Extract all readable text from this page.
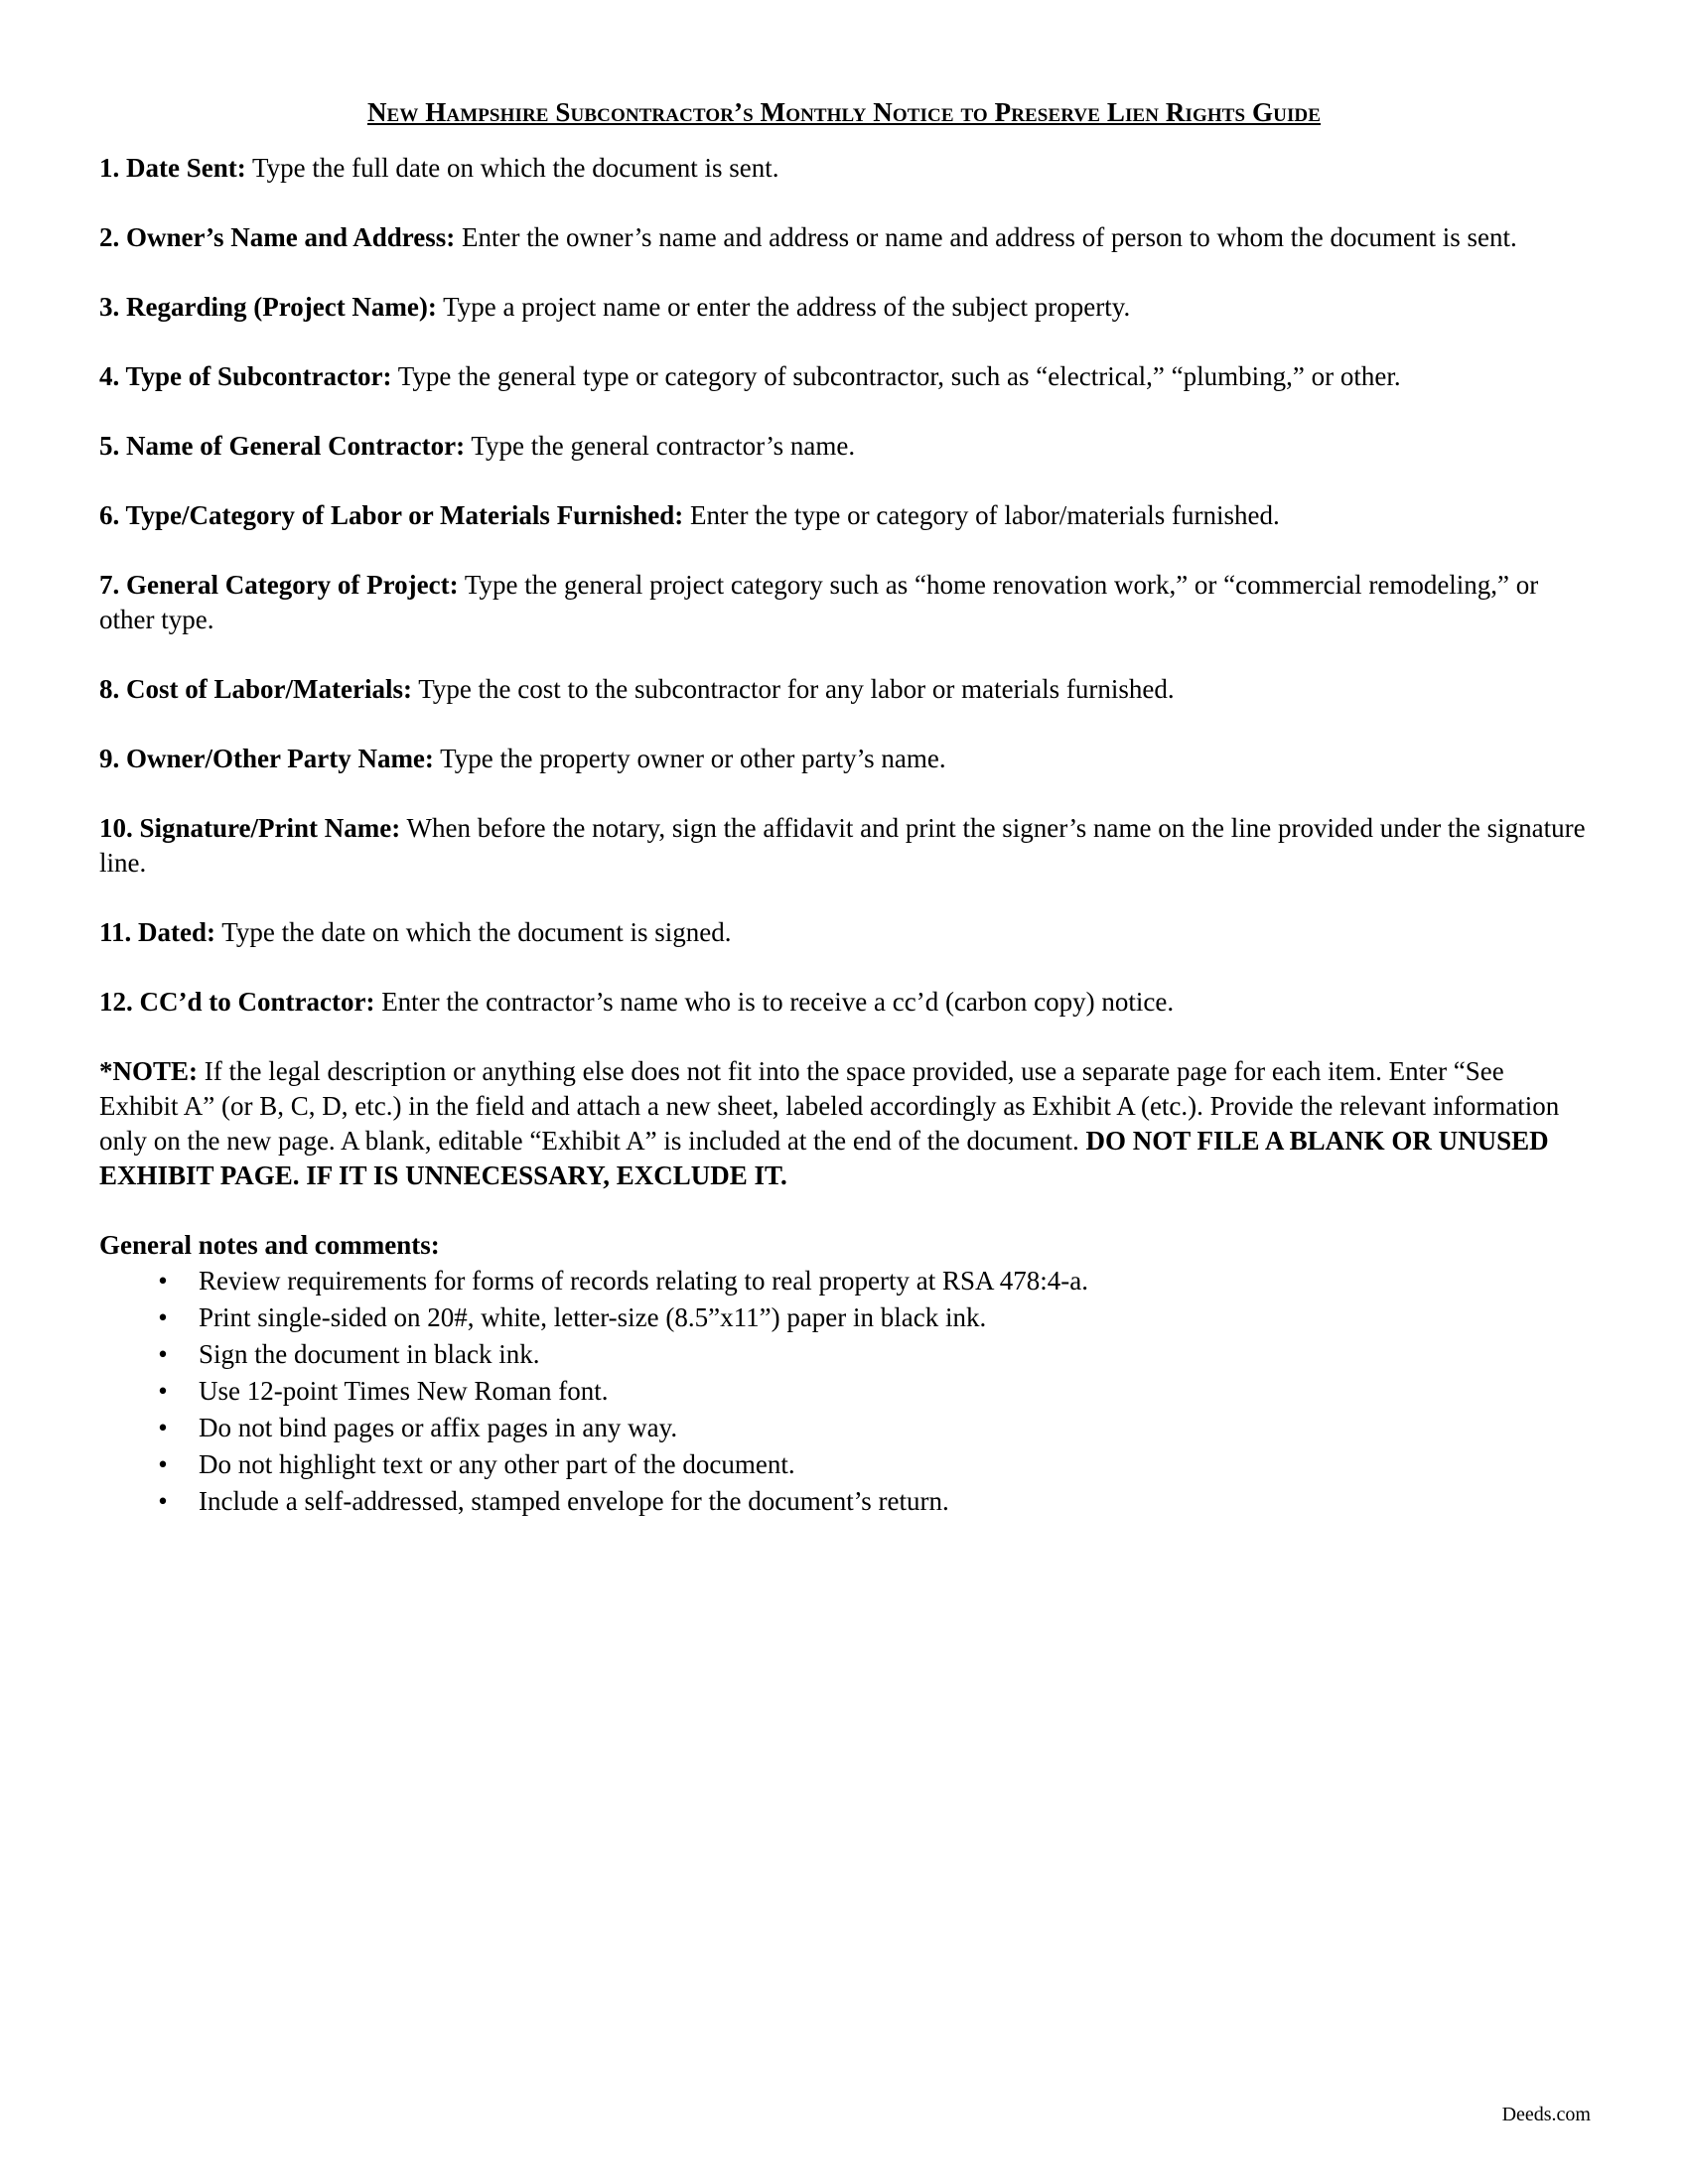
New Hampshire Subcontractor’s Monthly Notice to Preserve Lien Rights Guide

1. Date Sent: Type the full date on which the document is sent.

2. Owner’s Name and Address: Enter the owner’s name and address or name and address of person to whom the document is sent.

3. Regarding (Project Name): Type a project name or enter the address of the subject property.

4. Type of Subcontractor: Type the general type or category of subcontractor, such as “electrical,” “plumbing,” or other.

5. Name of General Contractor: Type the general contractor’s name.

6. Type/Category of Labor or Materials Furnished: Enter the type or category of labor/materials furnished.

7. General Category of Project: Type the general project category such as “home renovation work,” or “commercial remodeling,” or other type.

8. Cost of Labor/Materials: Type the cost to the subcontractor for any labor or materials furnished.

9. Owner/Other Party Name: Type the property owner or other party’s name.

10. Signature/Print Name: When before the notary, sign the affidavit and print the signer’s name on the line provided under the signature line.

11. Dated: Type the date on which the document is signed.

12. CC’d to Contractor: Enter the contractor’s name who is to receive a cc’d (carbon copy) notice.

*NOTE: If the legal description or anything else does not fit into the space provided, use a separate page for each item. Enter “See Exhibit A” (or B, C, D, etc.) in the field and attach a new sheet, labeled accordingly as Exhibit A (etc.). Provide the relevant information only on the new page. A blank, editable “Exhibit A” is included at the end of the document. DO NOT FILE A BLANK OR UNUSED EXHIBIT PAGE. IF IT IS UNNECESSARY, EXCLUDE IT.

General notes and comments:

• Review requirements for forms of records relating to real property at RSA 478:4-a.
• Print single-sided on 20#, white, letter-size (8.5”x11”) paper in black ink.
• Sign the document in black ink.
• Use 12-point Times New Roman font.
• Do not bind pages or affix pages in any way.
• Do not highlight text or any other part of the document.
• Include a self-addressed, stamped envelope for the document’s return.
Deeds.com
